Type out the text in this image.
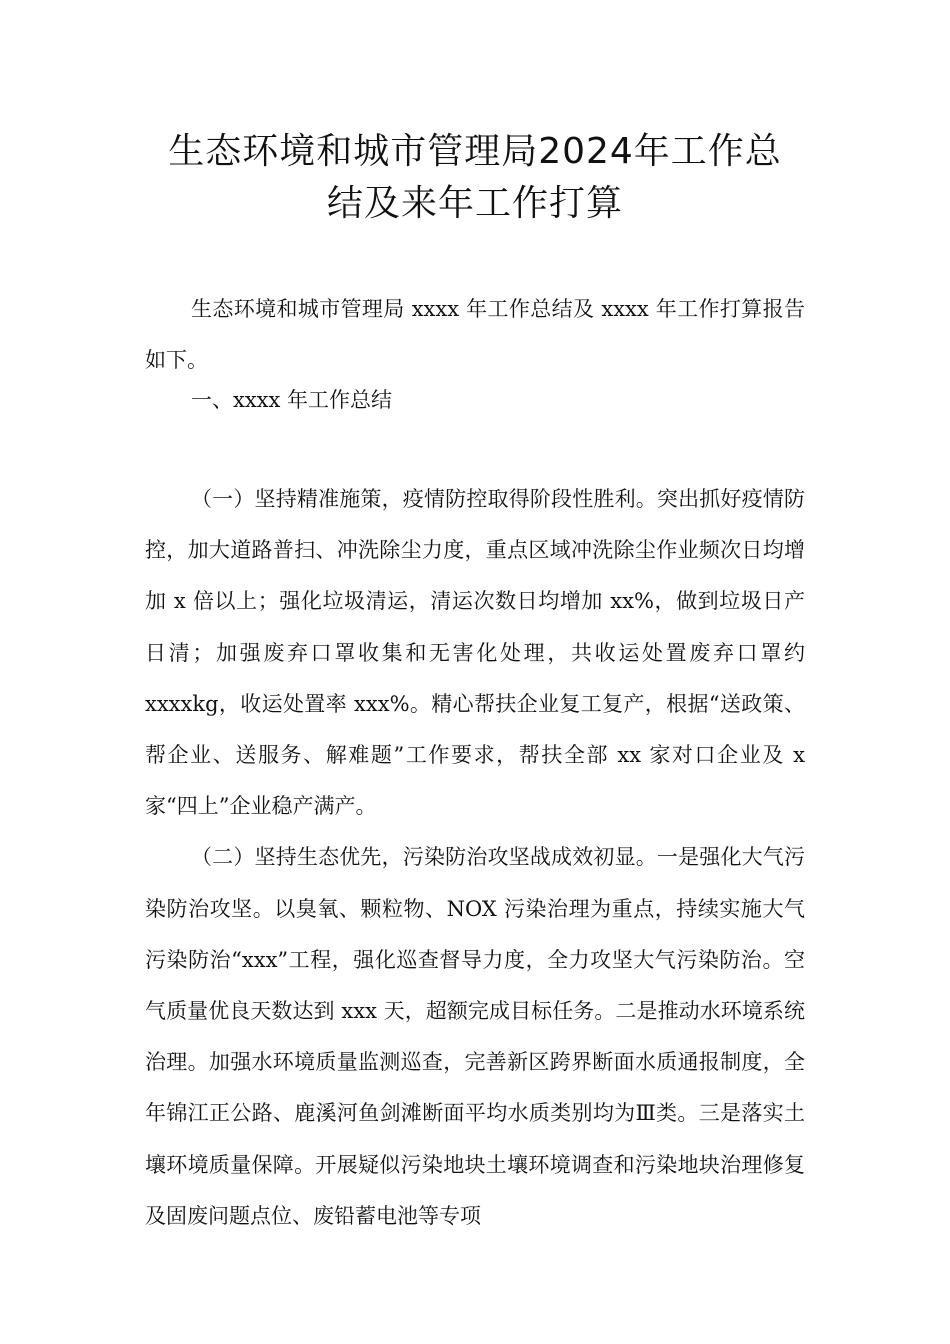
生态环境和城市管理局2024年工作总
结及来年工作打算

生态环境和城市管理局 xxxx 年工作总结及 xxxx 年工作打算报告如下。

一、xxxx 年工作总结

（一）坚持精准施策，疫情防控取得阶段性胜利。突出抓好疫情防控，加大道路普扫、冲洗除尘力度，重点区域冲洗除尘作业频次日均增加 x 倍以上；强化垃圾清运，清运次数日均增加 xx%，做到垃圾日产日清；加强废弃口罩收集和无害化处理，共收运处置废弃口罩约 xxxxkg，收运处置率 xxx%。精心帮扶企业复工复产，根据“送政策、帮企业、送服务、解难题”工作要求，帮扶全部 xx 家对口企业及 x 家“四上”企业稳产满产。

（二）坚持生态优先，污染防治攻坚战成效初显。一是强化大气污染防治攻坚。以臭氧、颗粒物、NOX 污染治理为重点，持续实施大气污染防治“xxx”工程，强化巡查督导力度，全力攻坚大气污染防治。空气质量优良天数达到 xxx 天，超额完成目标任务。二是推动水环境系统治理。加强水环境质量监测巡查，完善新区跨界断面水质通报制度，全年锦江正公路、鹿溪河鱼剑滩断面平均水质类别均为Ⅲ类。三是落实土壤环境质量保障。开展疑似污染地块土壤环境调查和污染地块治理修复及固废问题点位、废铅蓄电池等专项
